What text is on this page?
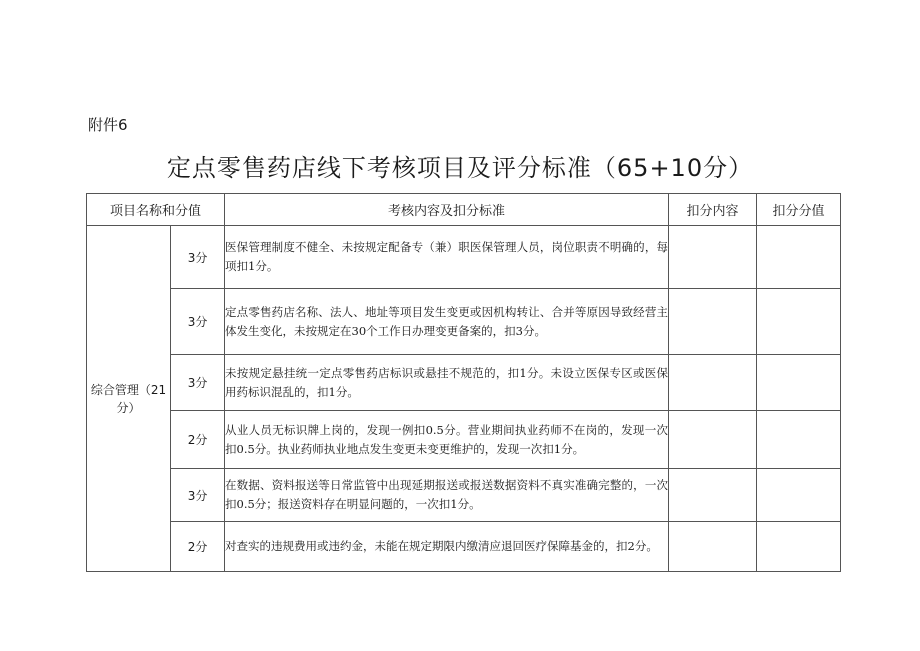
附件6
定点零售药店线下考核项目及评分标准（65+10分）
项目名称和分值		考核内容及扣分标准	扣分内容	扣分分值
综合管理（21分）	3分	医保管理制度不健全、未按规定配备专（兼）职医保管理人员，岗位职责不明确的，每项扣1分。		
	3分	定点零售药店名称、法人、地址等项目发生变更或因机构转让、合并等原因导致经营主体发生变化，未按规定在30个工作日办理变更备案的，扣3分。		
	3分	未按规定悬挂统一定点零售药店标识或悬挂不规范的，扣1分。未设立医保专区或医保用药标识混乱的，扣1分。		
	2分	从业人员无标识牌上岗的，发现一例扣0.5分。营业期间执业药师不在岗的，发现一次扣0.5分。执业药师执业地点发生变更未变更维护的，发现一次扣1分。		
	3分	在数据、资料报送等日常监管中出现延期报送或报送数据资料不真实准确完整的，一次扣0.5分；报送资料存在明显问题的，一次扣1分。		
	2分	对查实的违规费用或违约金，未能在规定期限内缴清应退回医疗保障基金的，扣2分。		
